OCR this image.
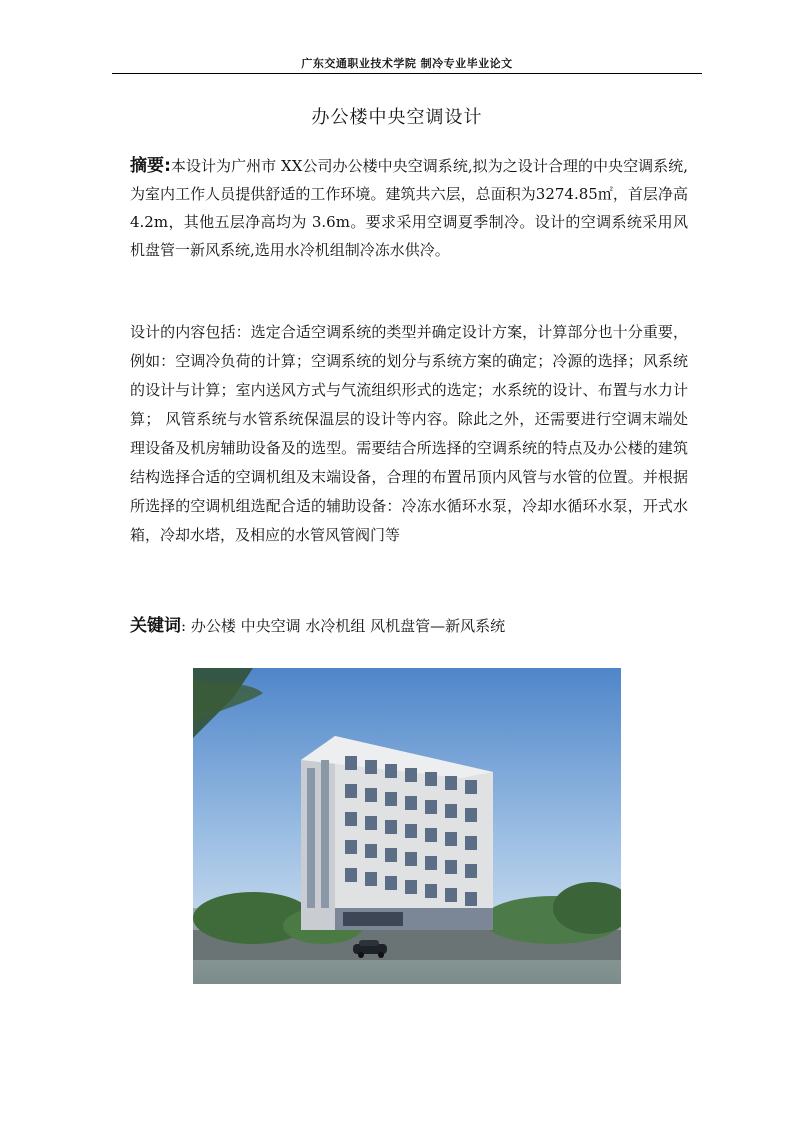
广东交通职业技术学院 制冷专业毕业论文
办公楼中央空调设计

摘要:本设计为广州市 XX公司办公楼中央空调系统,拟为之设计合理的中央空调系统,为室内工作人员提供舒适的工作环境。建筑共六层，总面积为3274.85㎡，首层净高 4.2m，其他五层净高均为 3.6m。要求采用空调夏季制冷。设计的空调系统采用风机盘管一新风系统,选用水冷机组制冷冻水供冷。

设计的内容包括：选定合适空调系统的类型并确定设计方案，计算部分也十分重要，例如：空调冷负荷的计算；空调系统的划分与系统方案的确定；冷源的选择；风系统的设计与计算；室内送风方式与气流组织形式的选定；水系统的设计、布置与水力计算； 风管系统与水管系统保温层的设计等内容。除此之外，还需要进行空调末端处理设备及机房辅助设备及的选型。需要结合所选择的空调系统的特点及办公楼的建筑结构选择合适的空调机组及末端设备，合理的布置吊顶内风管与水管的位置。并根据所选择的空调机组选配合适的辅助设备：冷冻水循环水泵，冷却水循环水泵，开式水箱，冷却水塔，及相应的水管风管阀门等

关键词: 办公楼 中央空调 水冷机组 风机盘管—新风系统
